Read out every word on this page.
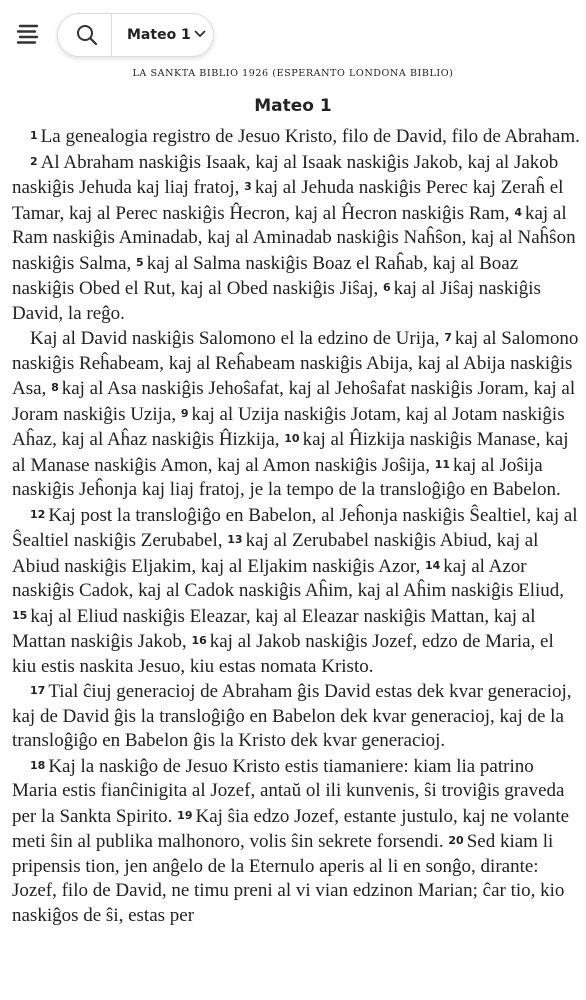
Mateo 1
LA SANKTA BIBLIO 1926 (ESPERANTO LONDONA BIBLIO)
Mateo 1

1 La genealogia registro de Jesuo Kristo, filo de David, filo de Abraham.

2 Al Abraham naskiĝis Isaak, kaj al Isaak naskiĝis Jakob, kaj al Jakob naskiĝis Jehuda kaj liaj fratoj, 3 kaj al Jehuda naskiĝis Perec kaj Zeraĥ el Tamar, kaj al Perec naskiĝis Ĥecron, kaj al Ĥecron naskiĝis Ram, 4 kaj al Ram naskiĝis Aminadab, kaj al Aminadab naskiĝis Naĥŝon, kaj al Naĥŝon naskiĝis Salma, 5 kaj al Salma naskiĝis Boaz el Raĥab, kaj al Boaz naskiĝis Obed el Rut, kaj al Obed naskiĝis Jiŝaj, 6 kaj al Jiŝaj naskiĝis David, la reĝo.

Kaj al David naskiĝis Salomono el la edzino de Urija, 7 kaj al Salomono naskiĝis Reĥabeam, kaj al Reĥabeam naskiĝis Abija, kaj al Abija naskiĝis Asa, 8 kaj al Asa naskiĝis Jehoŝafat, kaj al Jehoŝafat naskiĝis Joram, kaj al Joram naskiĝis Uzija, 9 kaj al Uzija naskiĝis Jotam, kaj al Jotam naskiĝis Aĥaz, kaj al Aĥaz naskiĝis Ĥizkija, 10 kaj al Ĥizkija naskiĝis Manase, kaj al Manase naskiĝis Amon, kaj al Amon naskiĝis Joŝija, 11 kaj al Joŝija naskiĝis Jeĥonja kaj liaj fratoj, je la tempo de la transloĝiĝo en Babelon.

12 Kaj post la transloĝiĝo en Babelon, al Jeĥonja naskiĝis Ŝealtiel, kaj al Ŝealtiel naskiĝis Zerubabel, 13 kaj al Zerubabel naskiĝis Abiud, kaj al Abiud naskiĝis Eljakim, kaj al Eljakim naskiĝis Azor, 14 kaj al Azor naskiĝis Cadok, kaj al Cadok naskiĝis Aĥim, kaj al Aĥim naskiĝis Eliud, 15 kaj al Eliud naskiĝis Eleazar, kaj al Eleazar naskiĝis Mattan, kaj al Mattan naskiĝis Jakob, 16 kaj al Jakob naskiĝis Jozef, edzo de Maria, el kiu estis naskita Jesuo, kiu estas nomata Kristo.

17 Tial ĉiuj generacioj de Abraham ĝis David estas dek kvar generacioj, kaj de David ĝis la transloĝiĝo en Babelon dek kvar generacioj, kaj de la transloĝiĝo en Babelon ĝis la Kristo dek kvar generacioj.

18 Kaj la naskiĝo de Jesuo Kristo estis tiamaniere: kiam lia patrino Maria estis fianĉinigita al Jozef, antaŭ ol ili kunvenis, ŝi troviĝis graveda per la Sankta Spirito. 19 Kaj ŝia edzo Jozef, estante justulo, kaj ne volante meti ŝin al publika malhonoro, volis ŝin sekrete forsendi. 20 Sed kiam li pripensis tion, jen anĝelo de la Eternulo aperis al li en sonĝo, dirante: Jozef, filo de David, ne timu preni al vi vian edzinon Marian; ĉar tio, kio naskiĝos de ŝi, estas per
